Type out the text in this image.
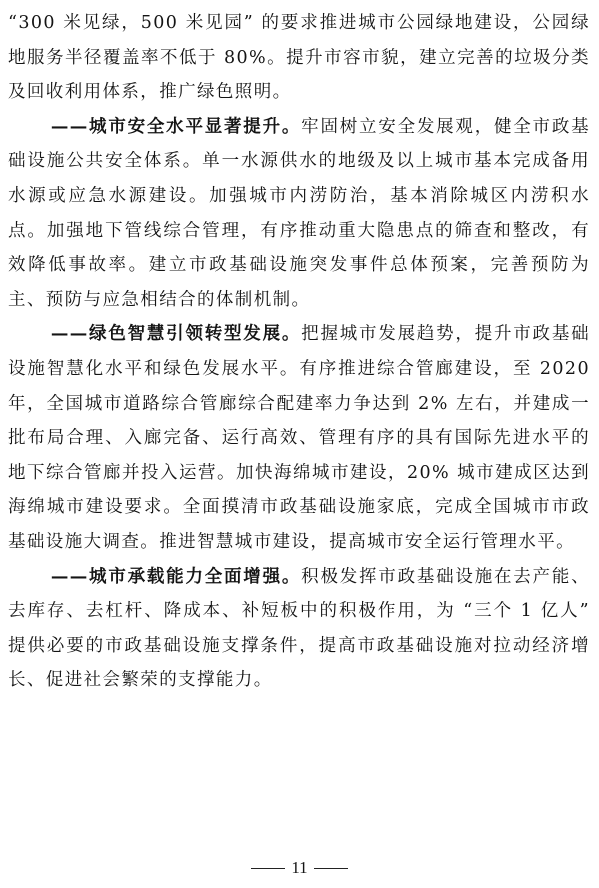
“300 米见绿，500 米见园” 的要求推进城市公园绿地建设，公园绿地服务半径覆盖率不低于 80%。提升市容市貌，建立完善的垃圾分类及回收利用体系，推广绿色照明。

——城市安全水平显著提升。牢固树立安全发展观，健全市政基础设施公共安全体系。单一水源供水的地级及以上城市基本完成备用水源或应急水源建设。加强城市内涝防治，基本消除城区内涝积水点。加强地下管线综合管理，有序推动重大隐患点的筛查和整改，有效降低事故率。建立市政基础设施突发事件总体预案，完善预防为主、预防与应急相结合的体制机制。

——绿色智慧引领转型发展。把握城市发展趋势，提升市政基础设施智慧化水平和绿色发展水平。有序推进综合管廊建设，至 2020 年，全国城市道路综合管廊综合配建率力争达到 2% 左右，并建成一批布局合理、入廊完备、运行高效、管理有序的具有国际先进水平的地下综合管廊并投入运营。加快海绵城市建设，20% 城市建成区达到海绵城市建设要求。全面摸清市政基础设施家底，完成全国城市市政基础设施大调查。推进智慧城市建设，提高城市安全运行管理水平。

——城市承载能力全面增强。积极发挥市政基础设施在去产能、去库存、去杠杆、降成本、补短板中的积极作用，为 “三个 1 亿人” 提供必要的市政基础设施支撑条件，提高市政基础设施对拉动经济增长、促进社会繁荣的支撑能力。

11
